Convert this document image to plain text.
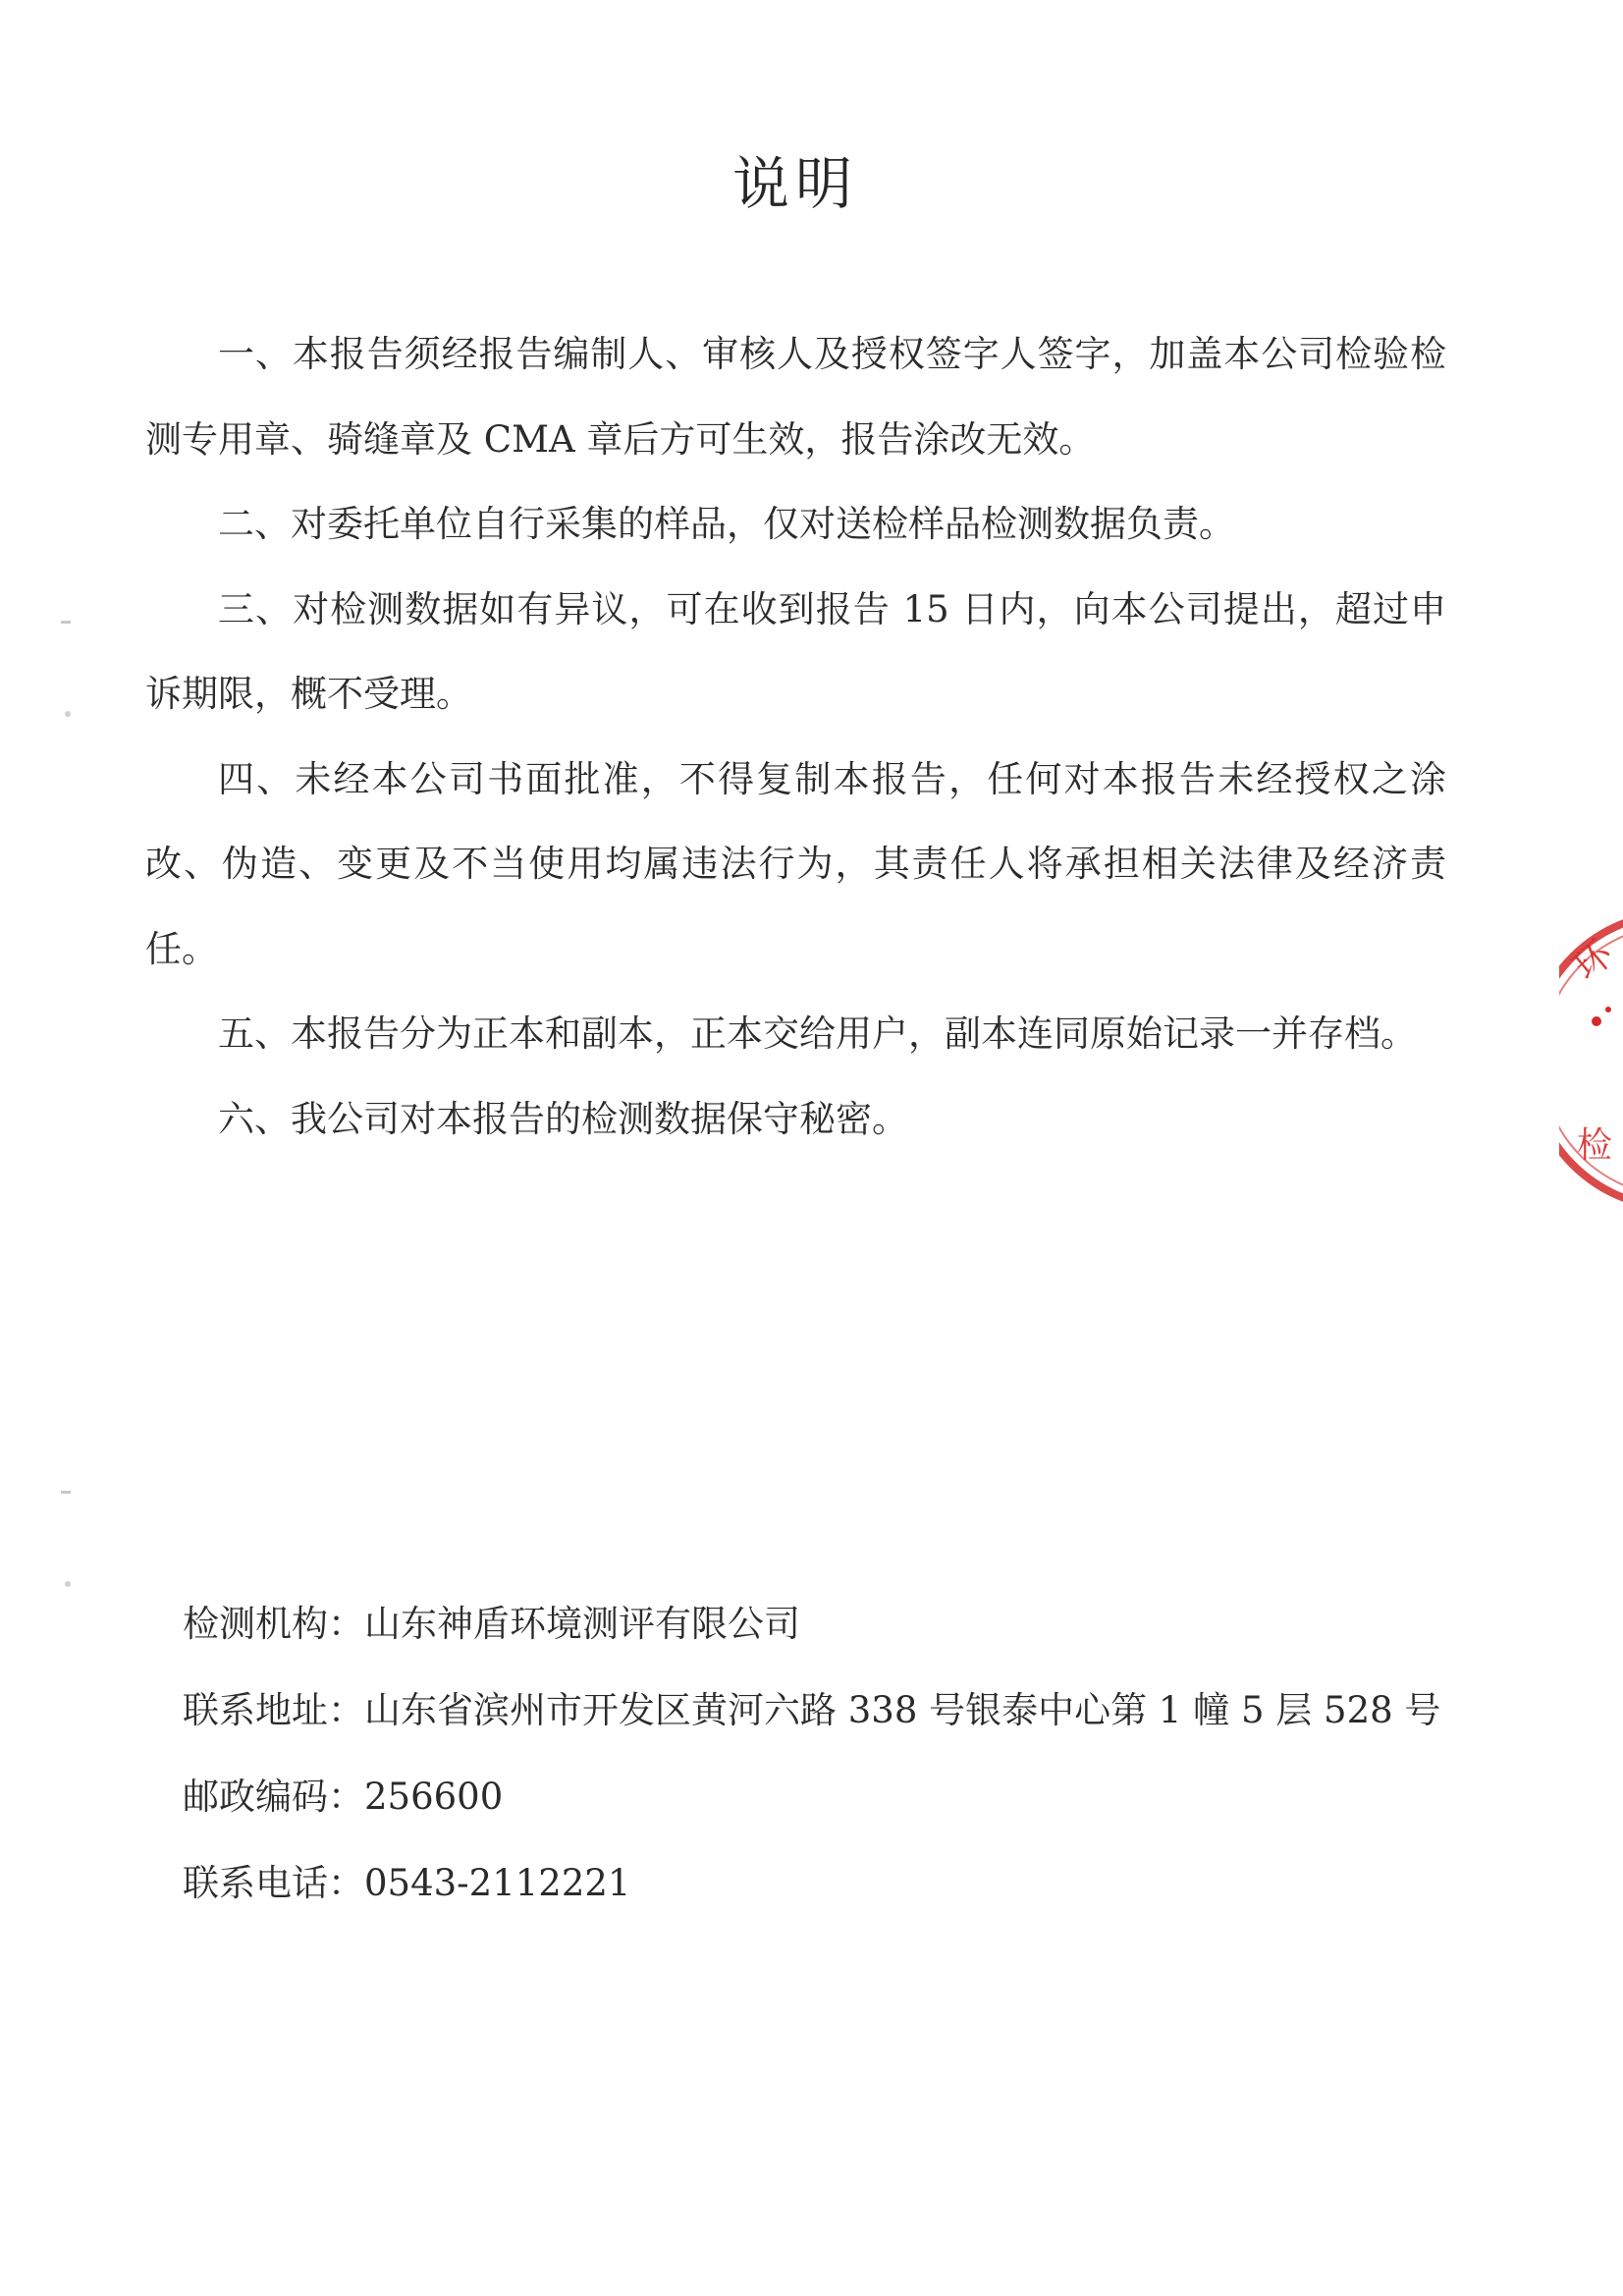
说明

一、本报告须经报告编制人、审核人及授权签字人签字，加盖本公司检验检测专用章、骑缝章及 CMA 章后方可生效，报告涂改无效。

二、对委托单位自行采集的样品，仅对送检样品检测数据负责。

三、对检测数据如有异议，可在收到报告 15 日内，向本公司提出，超过申诉期限，概不受理。

四、未经本公司书面批准，不得复制本报告，任何对本报告未经授权之涂改、伪造、变更及不当使用均属违法行为，其责任人将承担相关法律及经济责任。

五、本报告分为正本和副本，正本交给用户，副本连同原始记录一并存档。

六、我公司对本报告的检测数据保守秘密。

检测机构：山东神盾环境测评有限公司
联系地址：山东省滨州市开发区黄河六路 338 号银泰中心第 1 幢 5 层 528 号
邮政编码：256600
联系电话：0543-2112221
环
检
